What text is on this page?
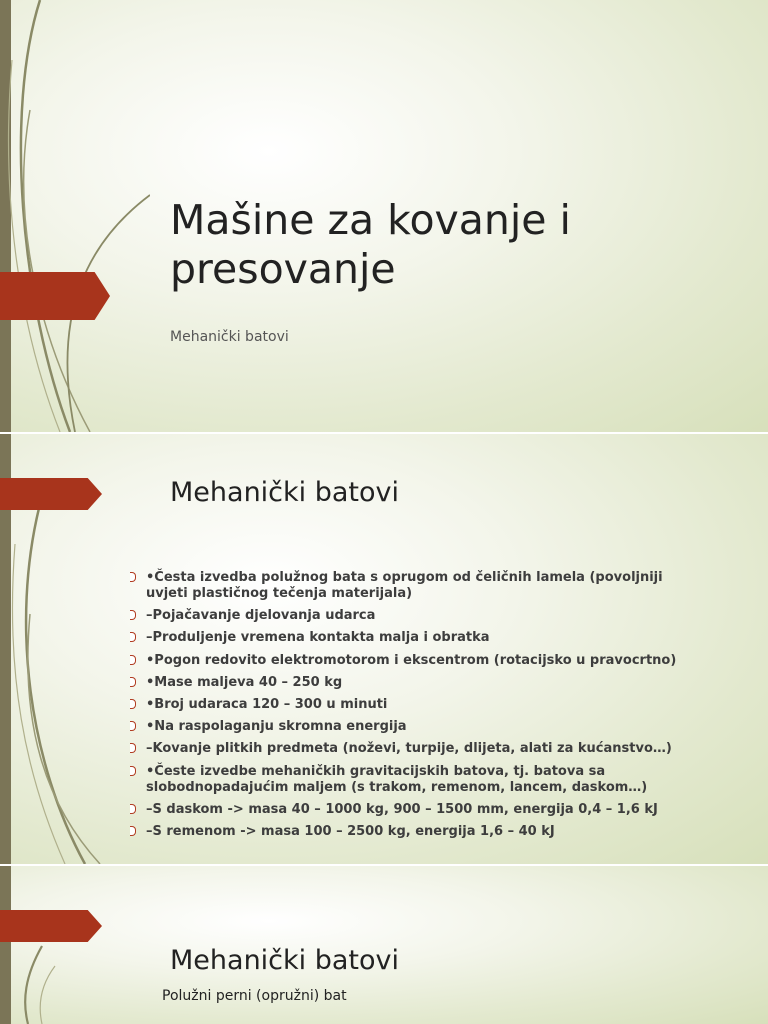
Mašine za kovanje i presovanje

Mehanički batovi

Mehanički batovi
•Česta izvedba polužnog bata s oprugom od čeličnih lamela (povoljniji uvjeti plastičnog tečenja materijala)
–Pojačavanje djelovanja udarca
–Produljenje vremena kontakta malja i obratka
•Pogon redovito elektromotorom i ekscentrom (rotacijsko u pravocrtno)
•Mase maljeva 40 – 250 kg
•Broj udaraca 120 – 300 u minuti
•Na raspolaganju skromna energija
–Kovanje plitkih predmeta (noževi, turpije, dlijeta, alati za kućanstvo…)
•Česte izvedbe mehaničkih gravitacijskih batova, tj. batova sa slobodnopadajućim maljem (s trakom, remenom, lancem, daskom…)
–S daskom -> masa 40 – 1000 kg, 900 – 1500 mm, energija 0,4 – 1,6 kJ
–S remenom -> masa 100 – 2500 kg, energija 1,6 – 40 kJ
Mehanički batovi

Polužni perni (opružni) bat
